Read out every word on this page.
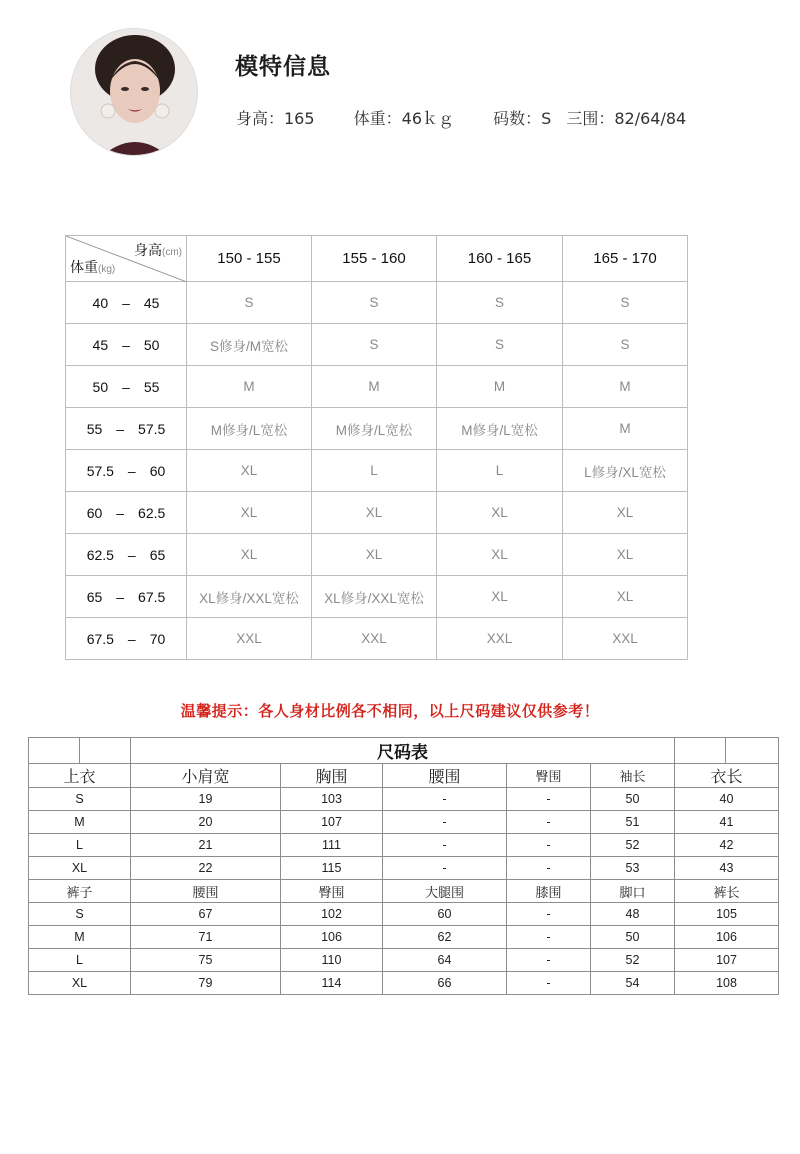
模特信息
身高：165 体重：46ｋｇ 码数：S 三围：82/64/84
身高(cm)
体重(kg)	150 - 155	155 - 160	160 - 165	165 - 170
40　–　45	S	S	S	S
45　–　50	S修身/M宽松	S	S	S
50　–　55	M	M	M	M
55　–　57.5	M修身/L宽松	M修身/L宽松	M修身/L宽松	M
57.5　–　60	XL	L	L	L修身/XL宽松
60　–　62.5	XL	XL	XL	XL
62.5　–　65	XL	XL	XL	XL
65　–　67.5	XL修身/XXL宽松	XL修身/XXL宽松	XL	XL
67.5　–　70	XXL	XXL	XXL	XXL
温馨提示：各人身材比例各不相同，以上尺码建议仅供参考！
		尺码表						
上衣		小肩宽	胸围	腰围	臀围	袖长	衣长	
S		19	103	-	-	50	40	
M		20	107	-	-	51	41	
L		21	111	-	-	52	42	
XL		22	115	-	-	53	43	
裤子		腰围	臀围	大腿围	膝围	脚口	裤长	
S		67	102	60	-	48	105	
M		71	106	62	-	50	106	
L		75	110	64	-	52	107	
XL		79	114	66	-	54	108	
